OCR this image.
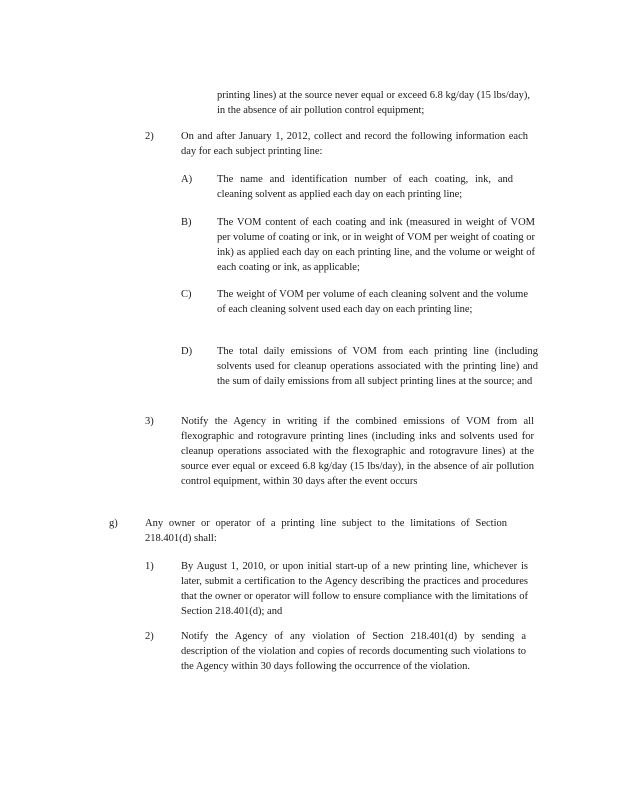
printing lines) at the source never equal or exceed 6.8 kg/day (15 lbs/day), in the absence of air pollution control equipment;

2)	On and after January 1, 2012, collect and record the following information each day for each subject printing line:

A) The name and identification number of each coating, ink, and cleaning solvent as applied each day on each printing line;

B) The VOM content of each coating and ink (measured in weight of VOM per volume of coating or ink, or in weight of VOM per weight of coating or ink) as applied each day on each printing line, and the volume or weight of each coating or ink, as applicable;

C) The weight of VOM per volume of each cleaning solvent and the volume of each cleaning solvent used each day on each printing line;

D) The total daily emissions of VOM from each printing line (including solvents used for cleanup operations associated with the printing line) and the sum of daily emissions from all subject printing lines at the source; and

3)	Notify the Agency in writing if the combined emissions of VOM from all flexographic and rotogravure printing lines (including inks and solvents used for cleanup operations associated with the flexographic and rotogravure lines) at the source ever equal or exceed 6.8 kg/day (15 lbs/day), in the absence of air pollution control equipment, within 30 days after the event occurs

g)	Any owner or operator of a printing line subject to the limitations of Section 218.401(d) shall:

1)	By August 1, 2010, or upon initial start-up of a new printing line, whichever is later, submit a certification to the Agency describing the practices and procedures that the owner or operator will follow to ensure compliance with the limitations of Section 218.401(d); and

2)	Notify the Agency of any violation of Section 218.401(d) by sending a description of the violation and copies of records documenting such violations to the Agency within 30 days following the occurrence of the violation.
